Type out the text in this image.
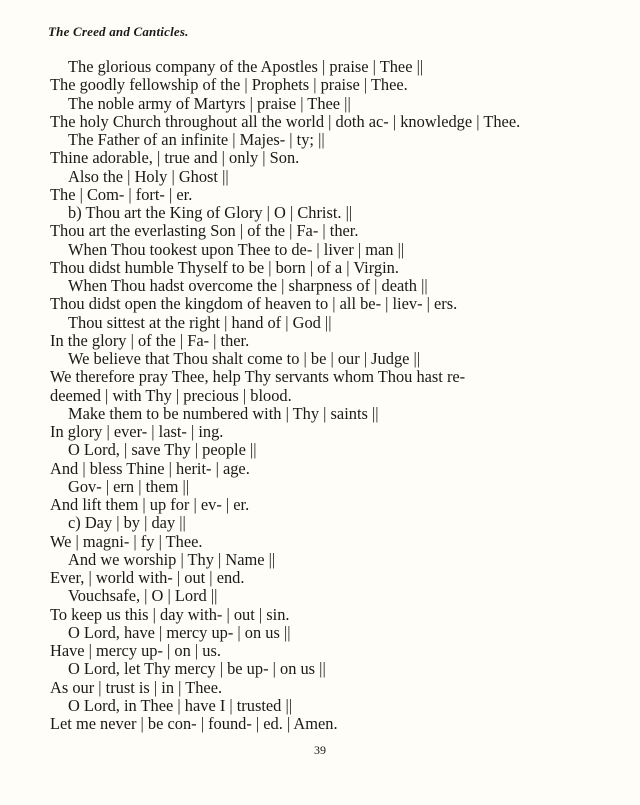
The Creed and Canticles.
The glorious company of the Apostles | praise | Thee ||
The goodly fellowship of the | Prophets | praise | Thee.
The noble army of Martyrs | praise | Thee ||
The holy Church throughout all the world | doth ac- | knowledge | Thee.
The Father of an infinite | Majes- | ty; ||
Thine adorable, | true and | only | Son.
Also the | Holy | Ghost ||
The | Com- | fort- | er.
b) Thou art the King of Glory | O | Christ. ||
Thou art the everlasting Son | of the | Fa- | ther.
When Thou tookest upon Thee to de- | liver | man ||
Thou didst humble Thyself to be | born | of a | Virgin.
When Thou hadst overcome the | sharpness of | death ||
Thou didst open the kingdom of heaven to | all be- | liev- | ers.
Thou sittest at the right | hand of | God ||
In the glory | of the | Fa- | ther.
We believe that Thou shalt come to | be | our | Judge ||
We therefore pray Thee, help Thy servants whom Thou hast re-
deemed | with Thy | precious | blood.
Make them to be numbered with | Thy | saints ||
In glory | ever- | last- | ing.
O Lord, | save Thy | people ||
And | bless Thine | herit- | age.
Gov- | ern | them ||
And lift them | up for | ev- | er.
c) Day | by | day ||
We | magni- | fy | Thee.
And we worship | Thy | Name ||
Ever, | world with- | out | end.
Vouchsafe, | O | Lord ||
To keep us this | day with- | out | sin.
O Lord, have | mercy up- | on us ||
Have | mercy up- | on | us.
O Lord, let Thy mercy | be up- | on us ||
As our | trust is | in | Thee.
O Lord, in Thee | have I | trusted ||
Let me never | be con- | found- | ed. | Amen.
39
